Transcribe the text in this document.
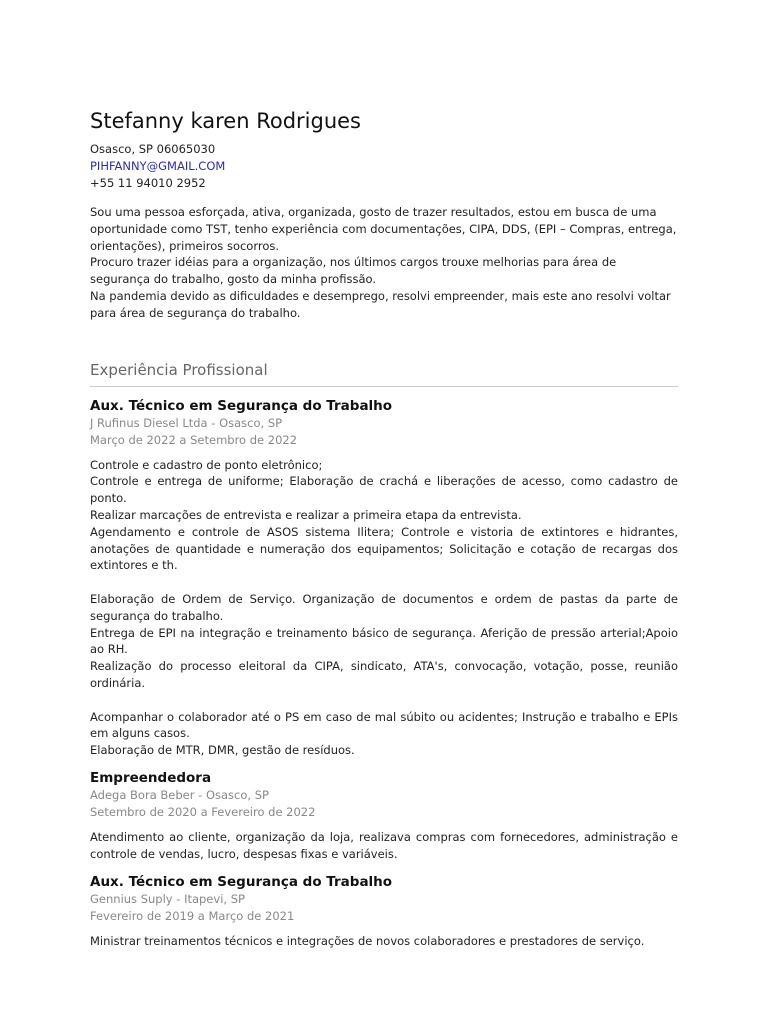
Stefanny karen Rodrigues
Osasco, SP 06065030
PIHFANNY@GMAIL.COM
+55 11 94010 2952

Sou uma pessoa esforçada, ativa, organizada, gosto de trazer resultados, estou em busca de uma oportunidade como TST, tenho experiência com documentações, CIPA, DDS, (EPI – Compras, entrega, orientações), primeiros socorros.

Procuro trazer idéias para a organização, nos últimos cargos trouxe melhorias para área de segurança do trabalho, gosto da minha profissão.

Na pandemia devido as dificuldades e desemprego, resolvi empreender, mais este ano resolvi voltar para área de segurança do trabalho.

Experiência Profissional
Aux. Técnico em Segurança do Trabalho
J Rufinus Diesel Ltda - Osasco, SP
Março de 2022 a Setembro de 2022

Controle e cadastro de ponto eletrônico;

Controle e entrega de uniforme; Elaboração de crachá e liberações de acesso, como cadastro de ponto.

Realizar marcações de entrevista e realizar a primeira etapa da entrevista.

Agendamento e controle de ASOS sistema Ilitera; Controle e vistoria de extintores e hidrantes, anotações de quantidade e numeração dos equipamentos; Solicitação e cotação de recargas dos extintores e th.

Elaboração de Ordem de Serviço. Organização de documentos e ordem de pastas da parte de segurança do trabalho.

Entrega de EPI na integração e treinamento básico de segurança. Aferição de pressão arterial;Apoio ao RH.

Realização do processo eleitoral da CIPA, sindicato, ATA's, convocação, votação, posse, reunião ordinária.

Acompanhar o colaborador até o PS em caso de mal súbito ou acidentes; Instrução e trabalho e EPIs em alguns casos.

Elaboração de MTR, DMR, gestão de resíduos.

Empreendedora
Adega Bora Beber - Osasco, SP
Setembro de 2020 a Fevereiro de 2022

Atendimento ao cliente, organização da loja, realizava compras com fornecedores, administração e controle de vendas, lucro, despesas fixas e variáveis.

Aux. Técnico em Segurança do Trabalho
Gennius Suply - Itapevi, SP
Fevereiro de 2019 a Março de 2021

Ministrar treinamentos técnicos e integrações de novos colaboradores e prestadores de serviço.
